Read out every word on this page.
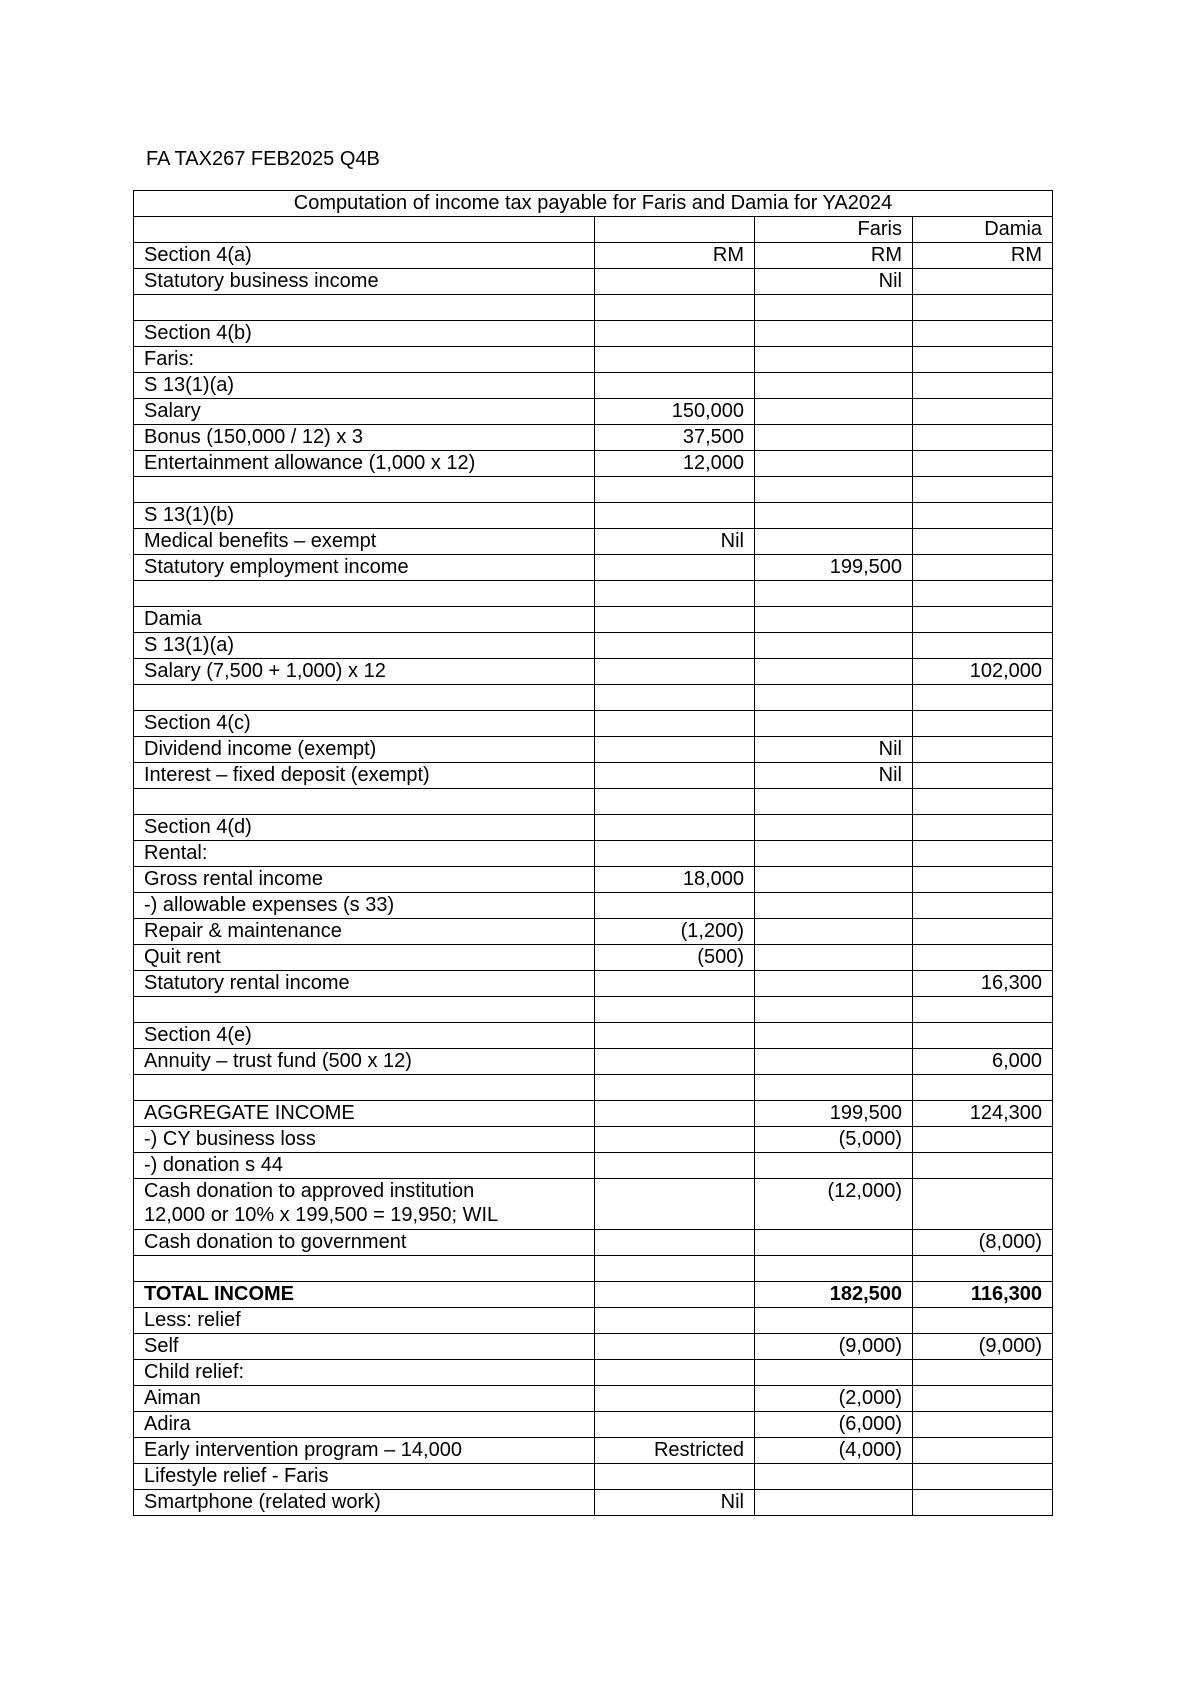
FA TAX267 FEB2025 Q4B
Computation of income tax payable for Faris and Damia for YA2024			
		Faris	Damia
Section 4(a)	RM	RM	RM
Statutory business income		Nil	

Section 4(b)			
Faris:			
S 13(1)(a)			
Salary	150,000		
Bonus (150,000 / 12) x 3	37,500		
Entertainment allowance (1,000 x 12)	12,000		

S 13(1)(b)			
Medical benefits – exempt	Nil		
Statutory employment income		199,500	

Damia			
S 13(1)(a)			
Salary (7,500 + 1,000) x 12			102,000

Section 4(c)			
Dividend income (exempt)		Nil	
Interest – fixed deposit (exempt)		Nil	

Section 4(d)			
Rental:			
Gross rental income	18,000		
-) allowable expenses (s 33)			
Repair & maintenance	(1,200)		
Quit rent	(500)		
Statutory rental income			16,300

Section 4(e)			
Annuity – trust fund (500 x 12)			6,000

AGGREGATE INCOME		199,500	124,300
-) CY business loss		(5,000)	
-) donation s 44			

Cash donation to approved institution
12,000 or 10% x 199,500 = 19,950; WIL		(12,000)	
Cash donation to government			(8,000)

TOTAL INCOME		182,500	116,300
Less: relief			
Self		(9,000)	(9,000)
Child relief:			
Aiman		(2,000)	
Adira		(6,000)	
Early intervention program – 14,000	Restricted	(4,000)	
Lifestyle relief - Faris			
Smartphone (related work)	Nil		
